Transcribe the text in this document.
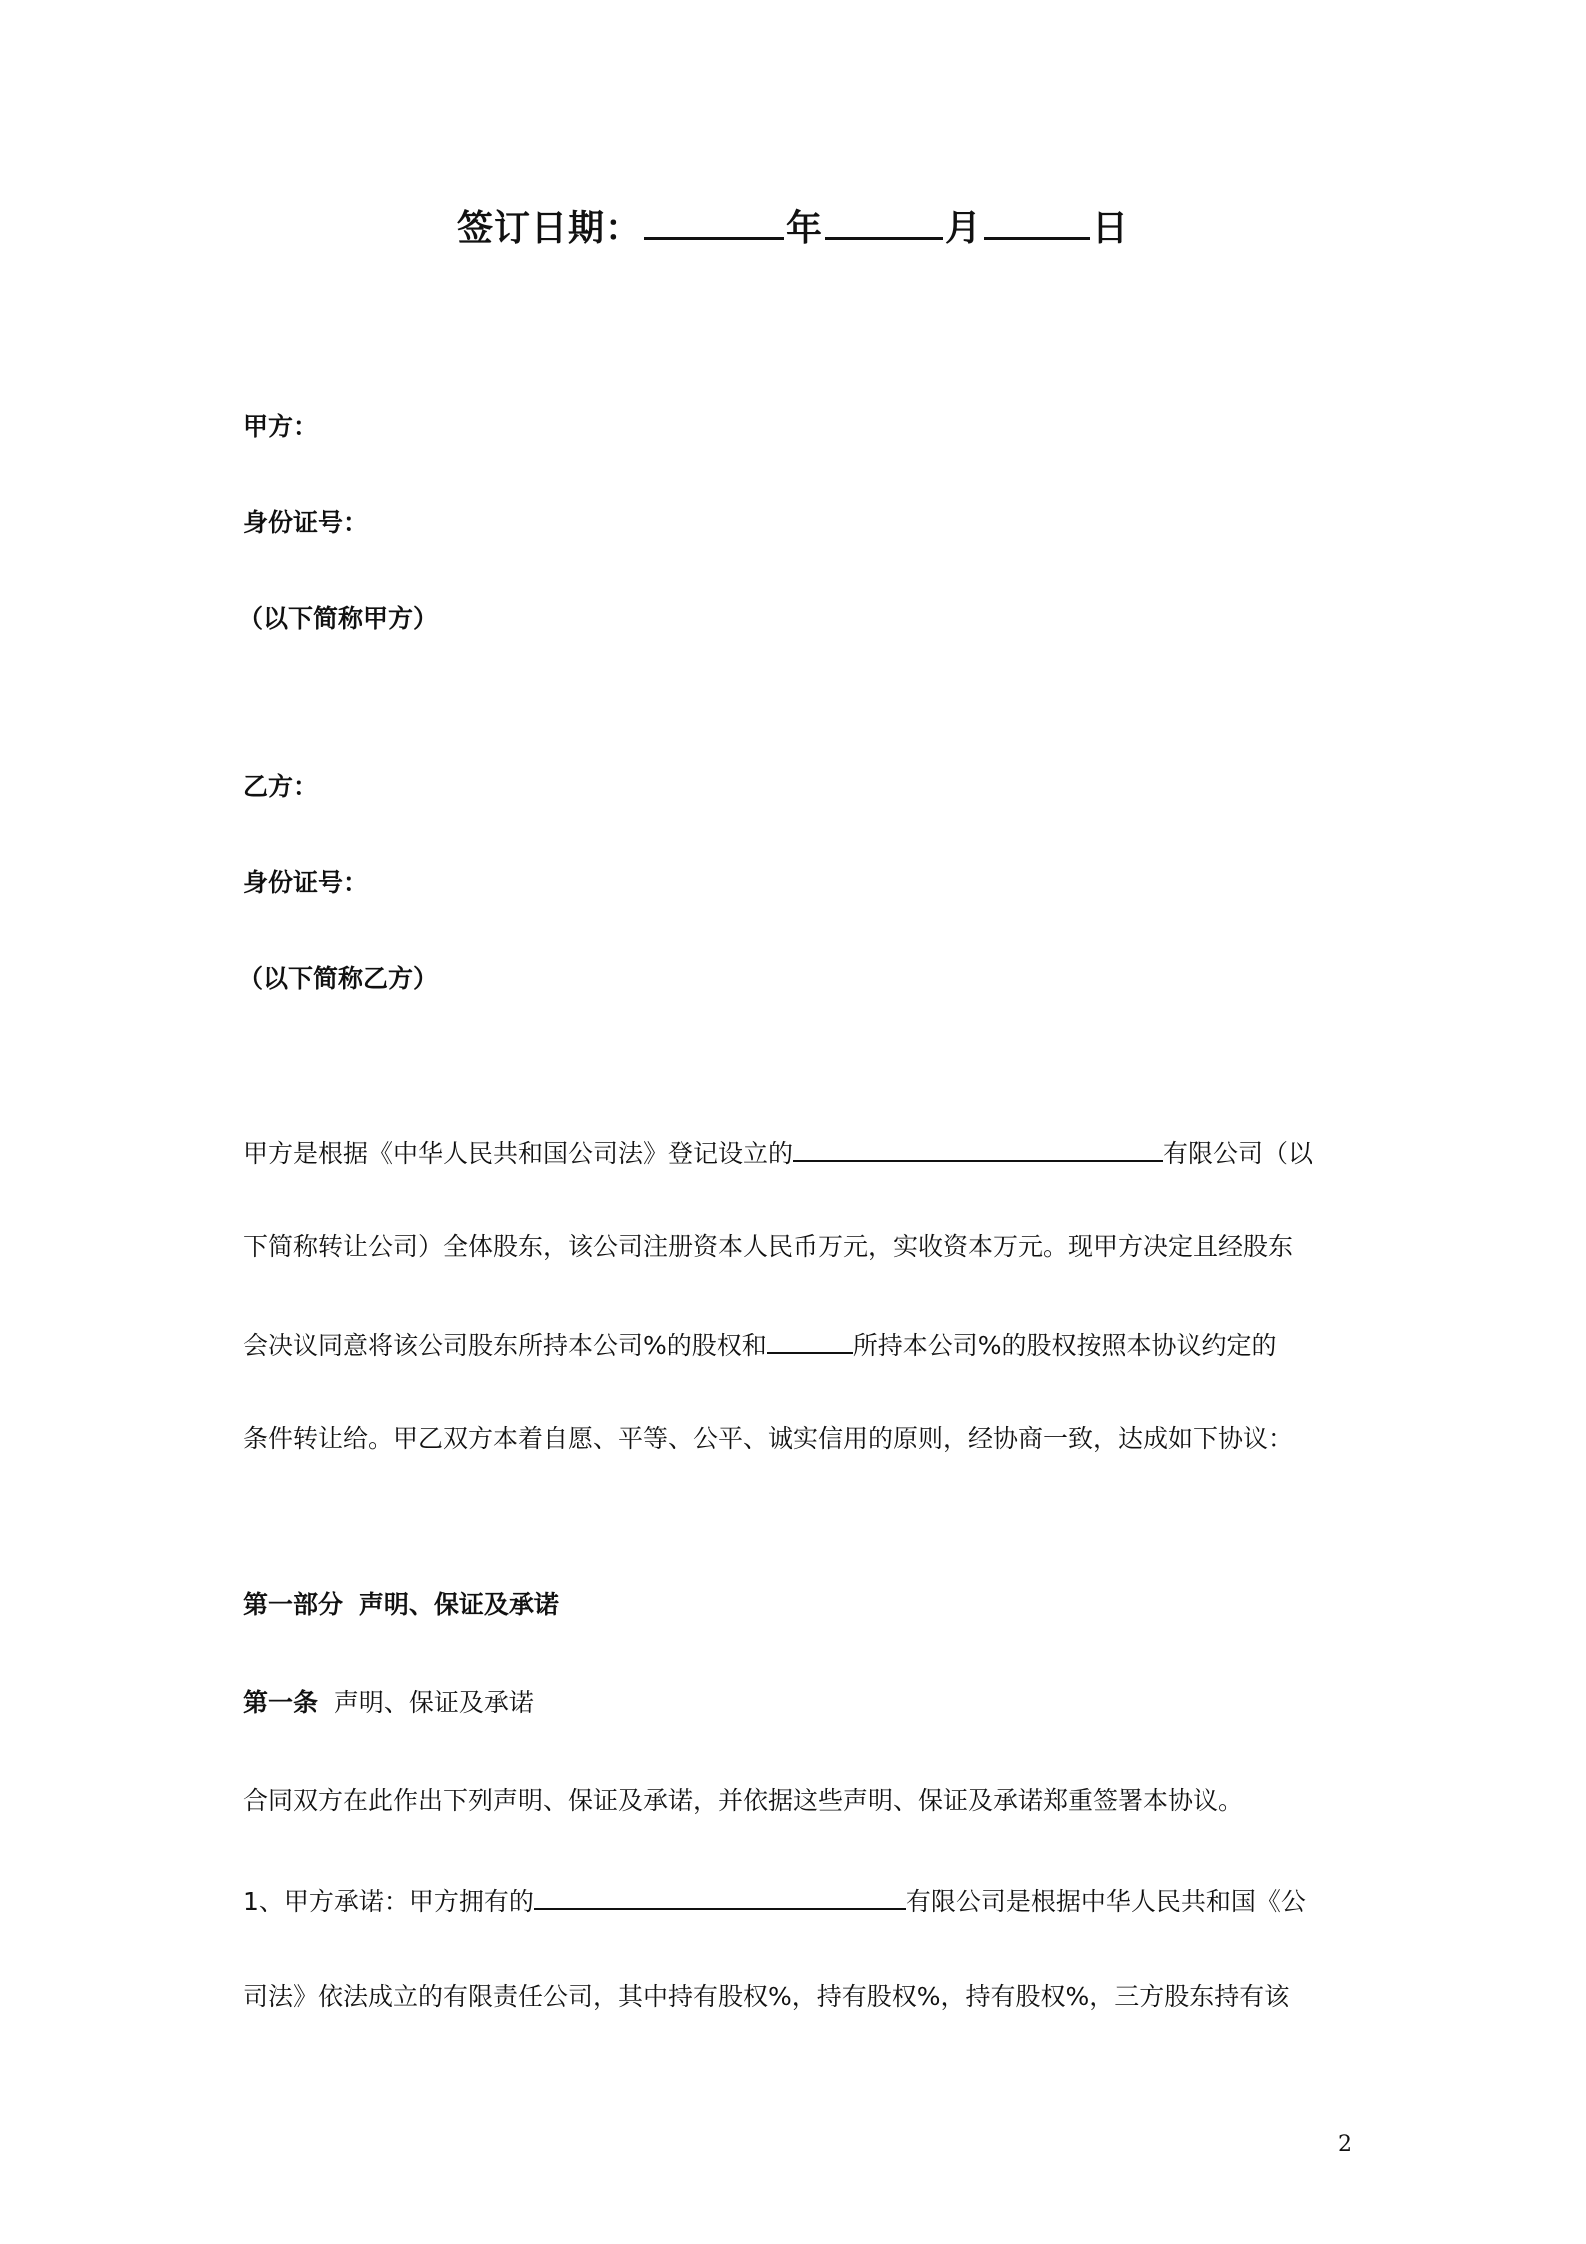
签订日期：	年	月	日
甲方：
身份证号：
（以下简称甲方）
乙方：
身份证号：
（以下简称乙方）
甲方是根据《中华人民共和国公司法》登记设立的	有限公司（以
下简称转让公司）全体股东，该公司注册资本人民币万元，实收资本万元。现甲方决定且经股东
会决议同意将该公司股东所持本公司%的股权和	所持本公司%的股权按照本协议约定的
条件转让给。甲乙双方本着自愿、平等、公平、诚实信用的原则，经协商一致，达成如下协议：
第一部分 声明、保证及承诺
第一条 声明、保证及承诺
合同双方在此作出下列声明、保证及承诺，并依据这些声明、保证及承诺郑重签署本协议。
1、甲方承诺：甲方拥有的	有限公司是根据中华人民共和国《公
司法》依法成立的有限责任公司，其中持有股权%，持有股权%，持有股权%，三方股东持有该
2
